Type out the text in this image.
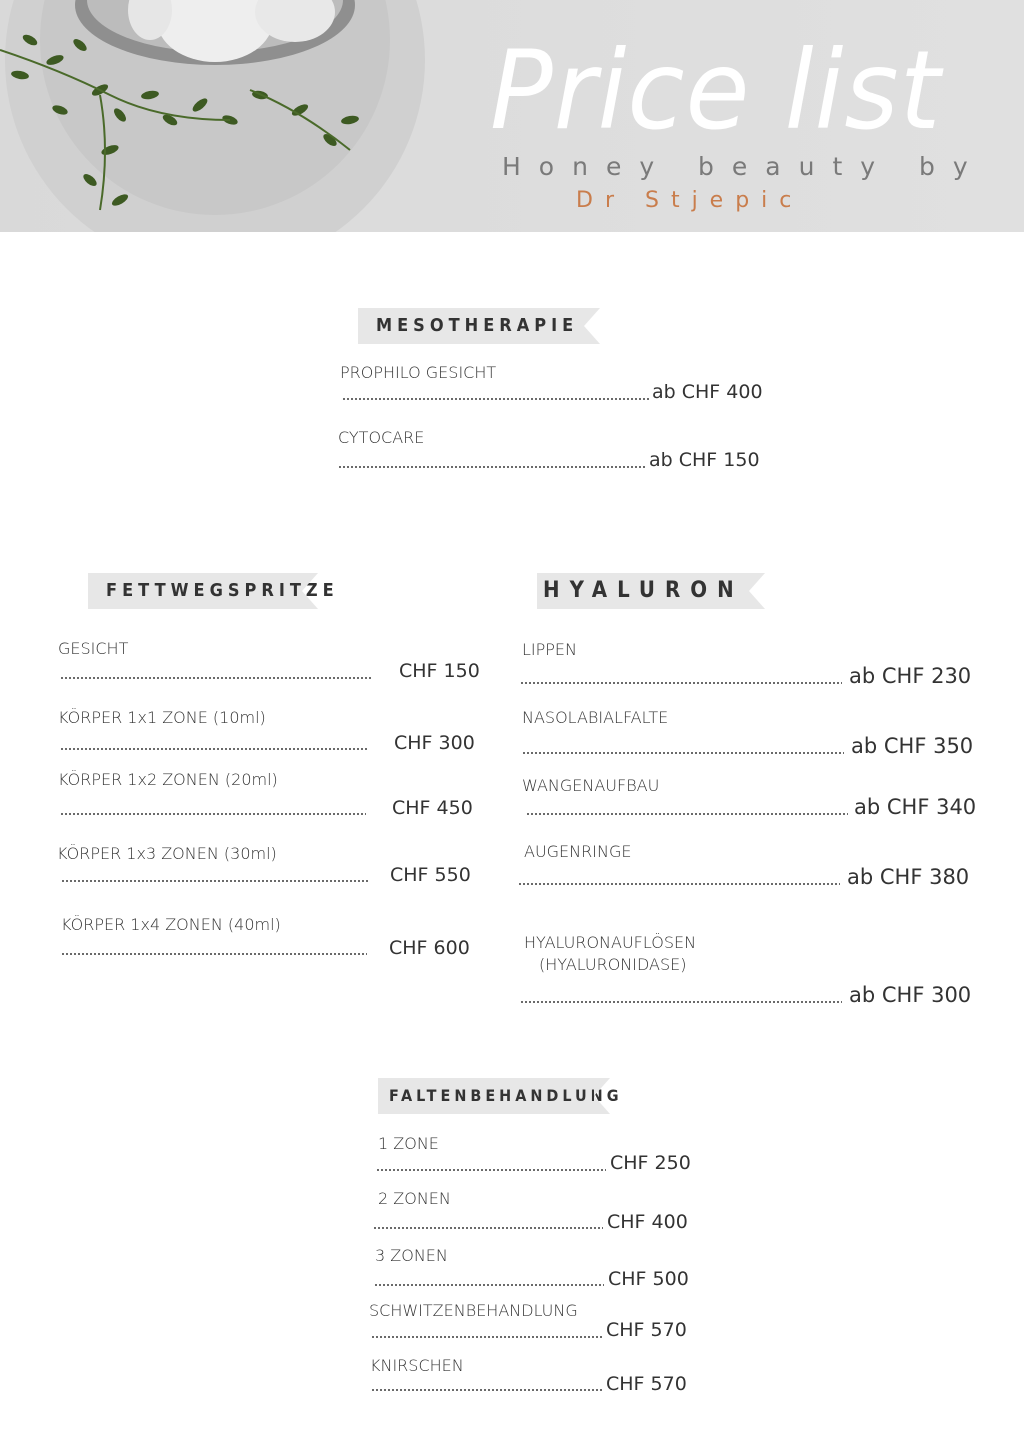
Price list
Honey beauty by
Dr Stjepic
MESOTHERAPIE
PROPHILO GESICHT
ab CHF 400
CYTOCARE
ab CHF 150
FETTWEGSPRITZE
GESICHT
CHF 150
KÖRPER 1x1 ZONE (10ml)
CHF 300
KÖRPER 1x2 ZONEN (20ml)
CHF 450
KÖRPER 1x3 ZONEN (30ml)
CHF 550
KÖRPER 1x4 ZONEN (40ml)
CHF 600
HYALURON
LIPPEN
ab CHF 230
NASOLABIALFALTE
ab CHF 350
WANGENAUFBAU
ab CHF 340
AUGENRINGE
ab CHF 380
HYALURONAUFLÖSEN
(HYALURONIDASE)
ab CHF 300
FALTENBEHANDLUNG
1 ZONE
CHF 250
2 ZONEN
CHF 400
3 ZONEN
CHF 500
SCHWITZENBEHANDLUNG
CHF 570
KNIRSCHEN
CHF 570
